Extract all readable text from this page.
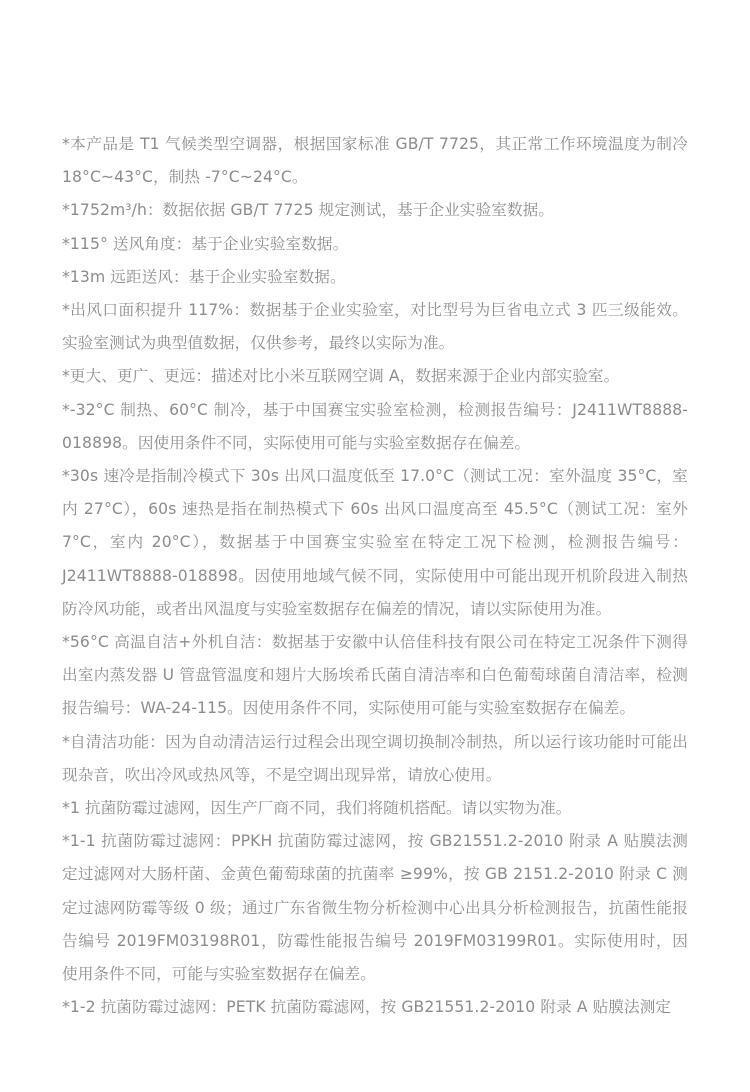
*本产品是 T1 气候类型空调器，根据国家标准 GB/T 7725，其正常工作环境温度为制冷 18°C~43°C，制热 -7°C~24°C。

*1752m³/h：数据依据 GB/T 7725 规定测试，基于企业实验室数据。

*115° 送风角度：基于企业实验室数据。

*13m 远距送风：基于企业实验室数据。

*出风口面积提升 117%：数据基于企业实验室，对比型号为巨省电立式 3 匹三级能效。实验室测试为典型值数据，仅供参考，最终以实际为准。

*更大、更广、更远：描述对比小米互联网空调 A，数据来源于企业内部实验室。

*-32°C 制热、60°C 制冷，基于中国赛宝实验室检测，检测报告编号：J2411WT8888-018898。因使用条件不同，实际使用可能与实验室数据存在偏差。

*30s 速冷是指制冷模式下 30s 出风口温度低至 17.0°C（测试工况：室外温度 35°C，室内 27°C），60s 速热是指在制热模式下 60s 出风口温度高至 45.5°C（测试工况：室外 7°C，室内 20°C），数据基于中国赛宝实验室在特定工况下检测，检测报告编号：J2411WT8888-018898。因使用地域气候不同，实际使用中可能出现开机阶段进入制热防冷风功能，或者出风温度与实验室数据存在偏差的情况，请以实际使用为准。

*56°C 高温自洁+外机自洁：数据基于安徽中认倍佳科技有限公司在特定工况条件下测得出室内蒸发器 U 管盘管温度和翅片大肠埃希氏菌自清洁率和白色葡萄球菌自清洁率，检测报告编号：WA-24-115。因使用条件不同，实际使用可能与实验室数据存在偏差。

*自清洁功能：因为自动清洁运行过程会出现空调切换制冷制热，所以运行该功能时可能出现杂音，吹出冷风或热风等，不是空调出现异常，请放心使用。

*1 抗菌防霉过滤网，因生产厂商不同，我们将随机搭配。请以实物为准。

*1-1 抗菌防霉过滤网：PPKH 抗菌防霉过滤网，按 GB21551.2-2010 附录 A 贴膜法测定过滤网对大肠杆菌、金黄色葡萄球菌的抗菌率 ≥99%，按 GB 2151.2-2010 附录 C 测定过滤网防霉等级 0 级；通过广东省微生物分析检测中心出具分析检测报告，抗菌性能报告编号 2019FM03198R01，防霉性能报告编号 2019FM03199R01。实际使用时，因使用条件不同，可能与实验室数据存在偏差。

*1-2 抗菌防霉过滤网：PETK 抗菌防霉滤网，按 GB21551.2-2010 附录 A 贴膜法测定
